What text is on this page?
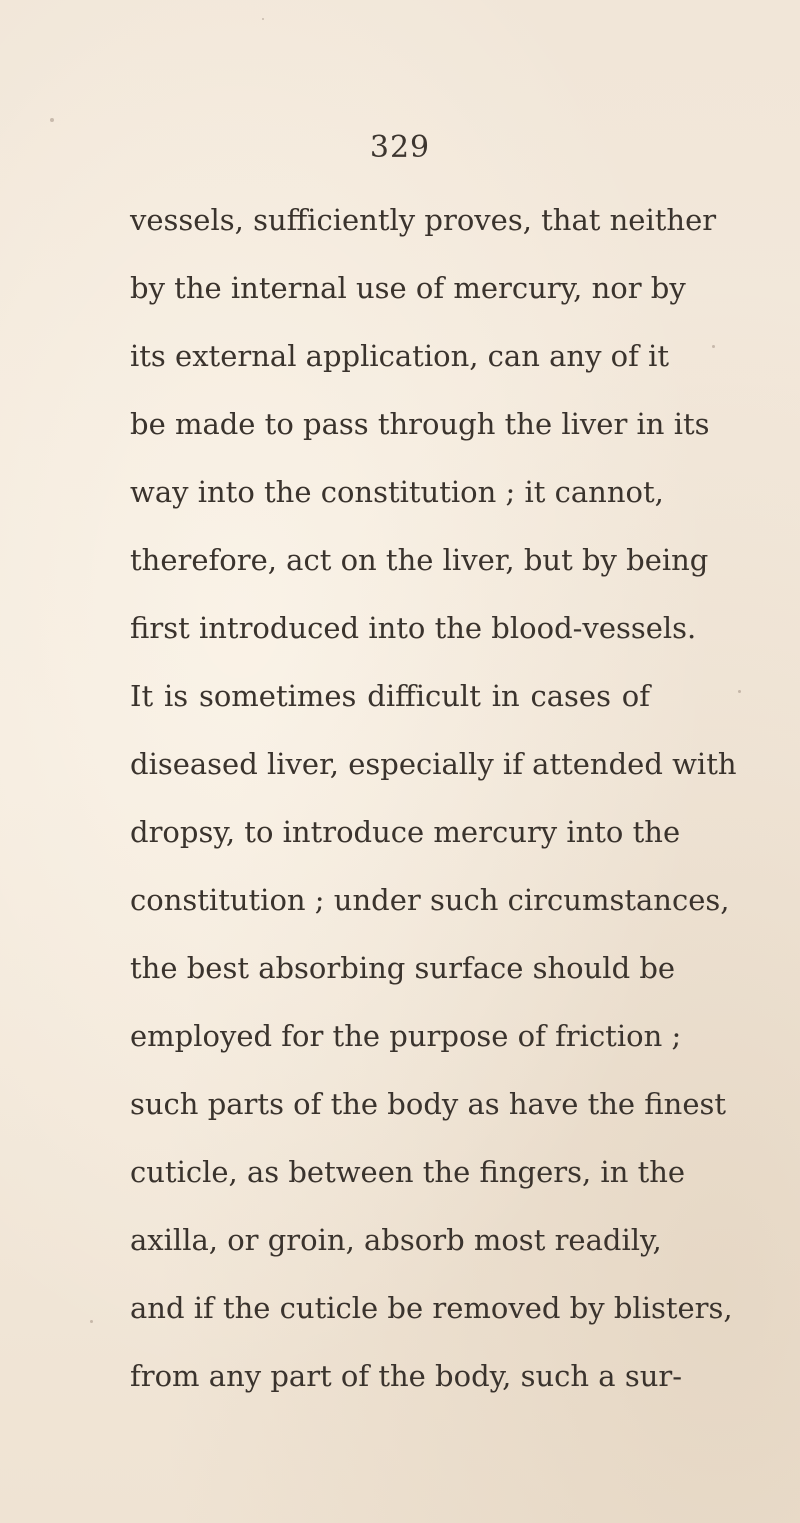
329
vessels, sufficiently proves, that neither
by the internal use of mercury, nor by
its external application, can any of it
be made to pass through the liver in its
way into the constitution ; it cannot,
therefore, act on the liver, but by being
first introduced into the blood-vessels.
It is sometimes difficult in cases of
diseased liver, especially if attended with
dropsy, to introduce mercury into the
constitution ; under such circumstances,
the best absorbing surface should be
employed for the purpose of friction ;
such parts of the body as have the finest
cuticle, as between the fingers, in the
axilla, or groin, absorb most readily,
and if the cuticle be removed by blisters,
from any part of the body, such a sur-
